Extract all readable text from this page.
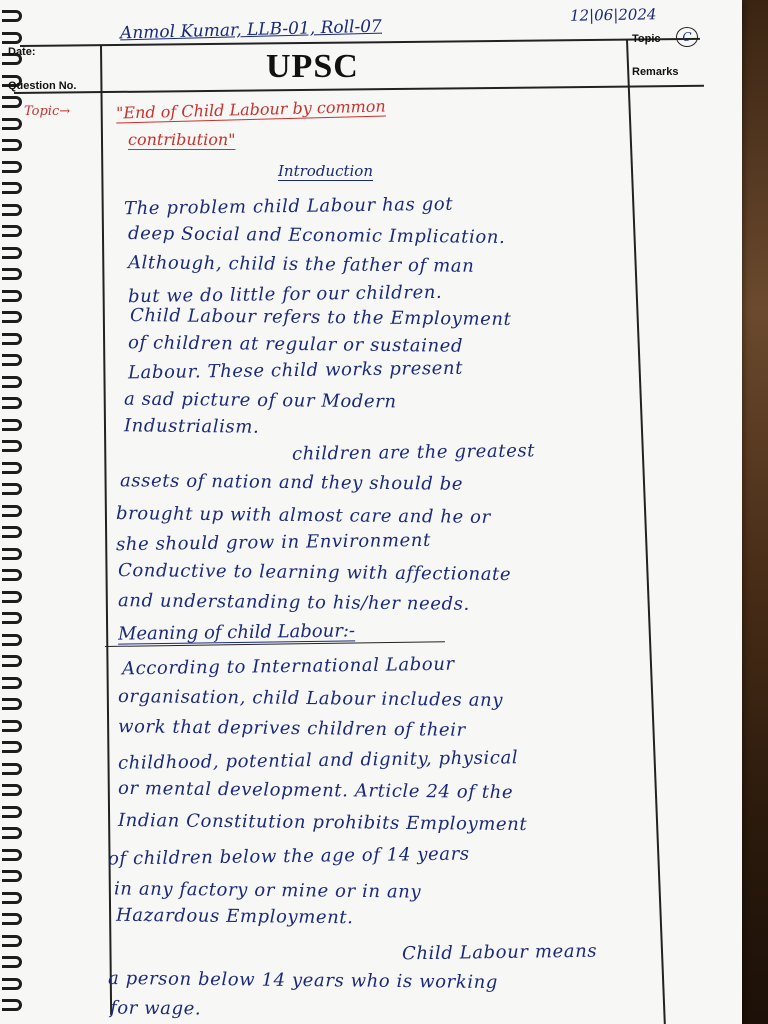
Date:
Question No.
UPSC
Topic
Remarks
C
Anmol Kumar, LLB-01, Roll-07
12|06|2024
Topic→	"End of Child Labour by common
contribution"
Introduction
The problem child Labour has got
deep Social and Economic Implication.
Although, child is the father of man
but we do little for our children.
Child Labour refers to the Employment
of children at regular or sustained
Labour. These child works present
a sad picture of our Modern
Industrialism.
children are the greatest
assets of nation and they should be
brought up with almost care and he or
she should grow in Environment
Conductive to learning with affectionate
and understanding to his/her needs.
Meaning of child Labour:-
According to International Labour
organisation, child Labour includes any
work that deprives children of their
childhood, potential and dignity, physical
or mental development. Article 24 of the
Indian Constitution prohibits Employment
of children below the age of 14 years
in any factory or mine or in any
Hazardous Employment.
Child Labour means
a person below 14 years who is working
for wage.
